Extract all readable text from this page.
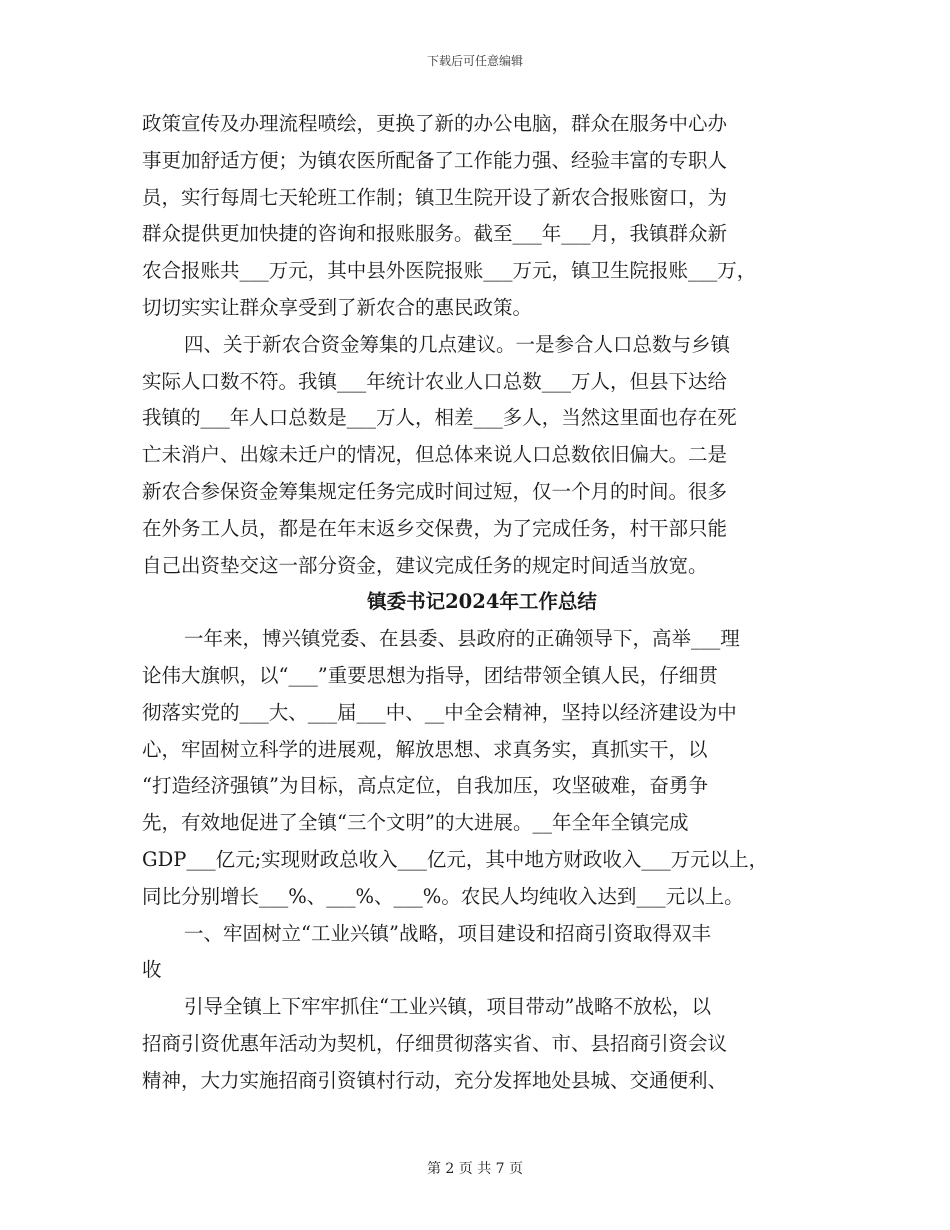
下载后可任意编辑
政策宣传及办理流程喷绘，更换了新的办公电脑，群众在服务中心办
事更加舒适方便；为镇农医所配备了工作能力强、经验丰富的专职人
员，实行每周七天轮班工作制；镇卫生院开设了新农合报账窗口，为
群众提供更加快捷的咨询和报账服务。截至___年___月，我镇群众新
农合报账共___万元，其中县外医院报账___万元，镇卫生院报账___万，
切切实实让群众享受到了新农合的惠民政策。
四、关于新农合资金筹集的几点建议。一是参合人口总数与乡镇
实际人口数不符。我镇___年统计农业人口总数___万人，但县下达给
我镇的___年人口总数是___万人，相差___多人，当然这里面也存在死
亡未消户、出嫁未迁户的情况，但总体来说人口总数依旧偏大。二是
新农合参保资金筹集规定任务完成时间过短，仅一个月的时间。很多
在外务工人员，都是在年末返乡交保费，为了完成任务，村干部只能
自己出资垫交这一部分资金，建议完成任务的规定时间适当放宽。
镇委书记2024年工作总结
一年来，博兴镇党委、在县委、县政府的正确领导下，高举___理
论伟大旗帜，以“___”重要思想为指导，团结带领全镇人民，仔细贯
彻落实党的___大、___届___中、__中全会精神，坚持以经济建设为中
心，牢固树立科学的进展观，解放思想、求真务实，真抓实干，以
“打造经济强镇”为目标，高点定位，自我加压，攻坚破难，奋勇争
先，有效地促进了全镇“三个文明”的大进展。__年全年全镇完成
GDP___亿元;实现财政总收入___亿元，其中地方财政收入___万元以上，
同比分别增长___%、___%、___%。农民人均纯收入达到___元以上。
一、牢固树立“工业兴镇”战略，项目建设和招商引资取得双丰
收
引导全镇上下牢牢抓住“工业兴镇，项目带动”战略不放松，以
招商引资优惠年活动为契机，仔细贯彻落实省、市、县招商引资会议
精神，大力实施招商引资镇村行动，充分发挥地处县城、交通便利、
第 2 页 共 7 页
